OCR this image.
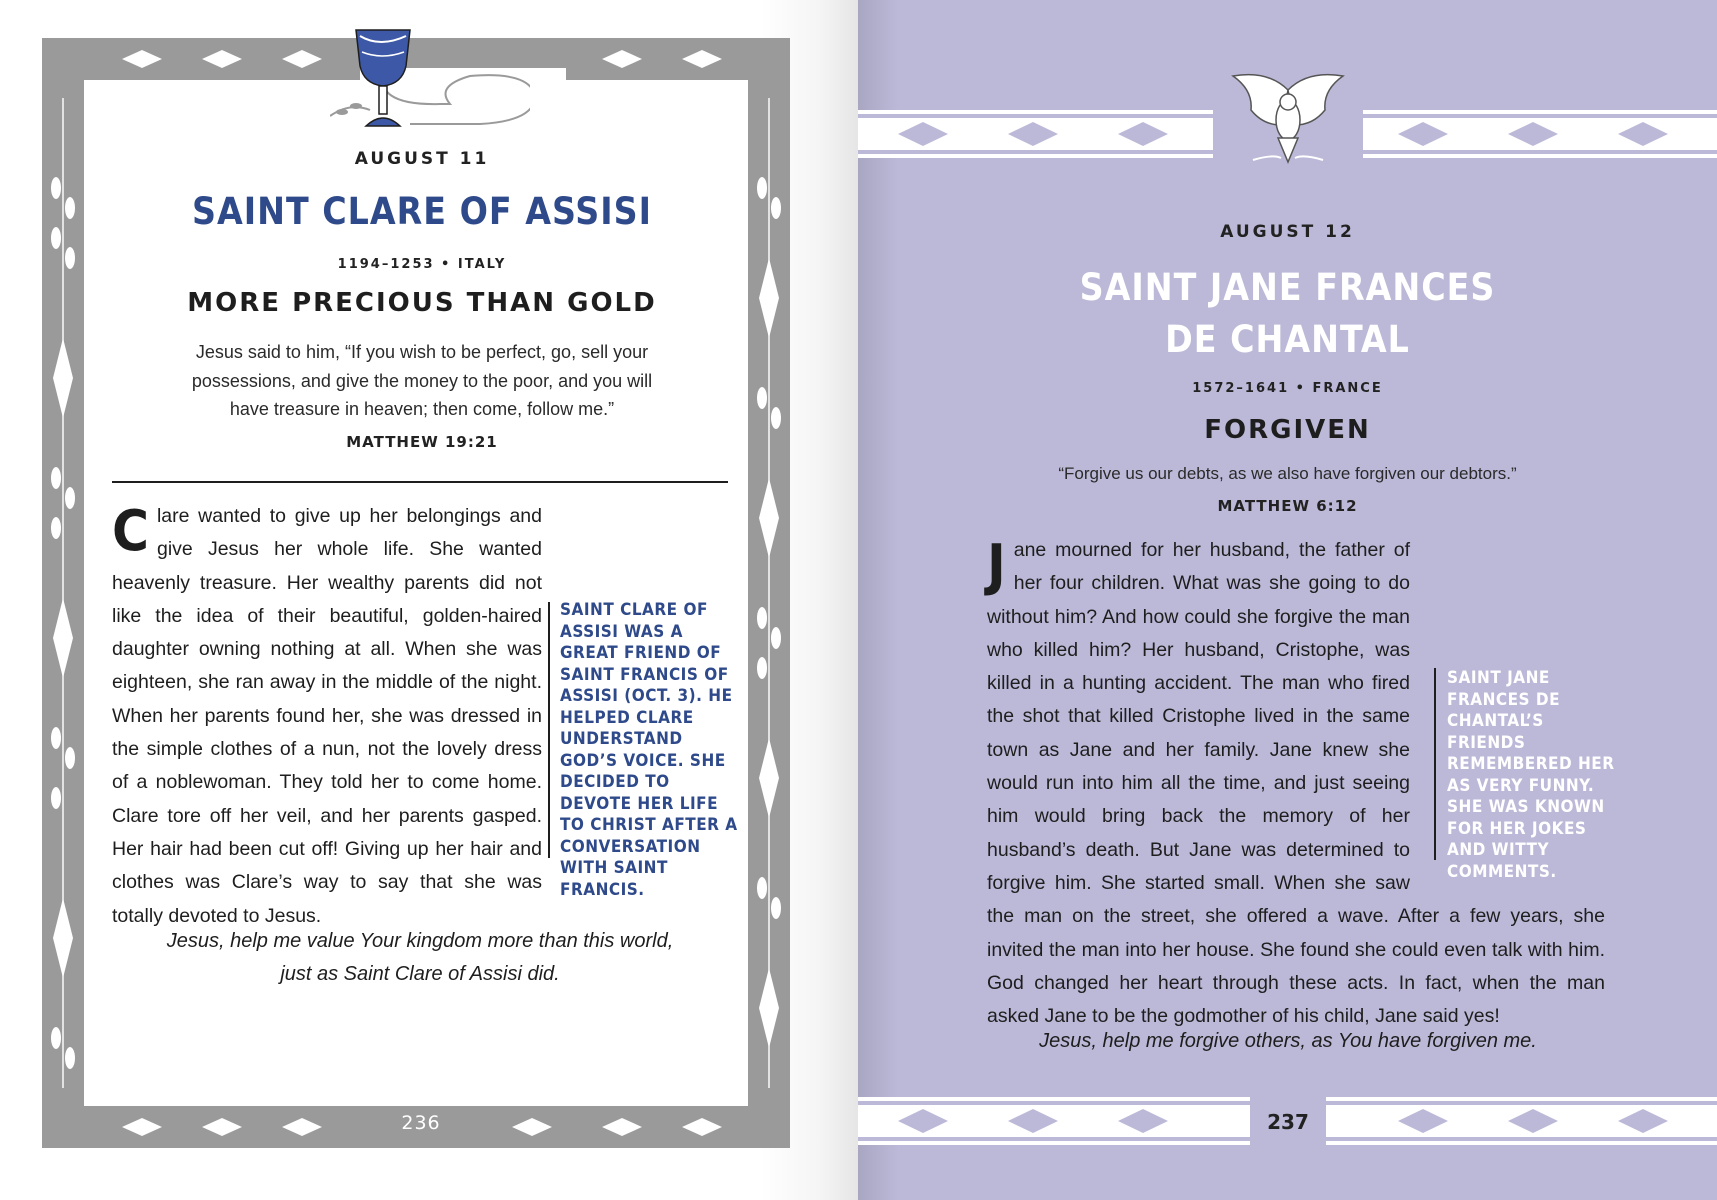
AUGUST 11
SAINT CLARE OF ASSISI
1194–1253 • ITALY
MORE PRECIOUS THAN GOLD
Jesus said to him, “If you wish to be perfect, go, sell your possessions, and give the money to the poor, and you will have treasure in heaven; then come, follow me.”
MATTHEW 19:21
C lare wanted to give up her belongings and give Jesus her whole life. She wanted heavenly treasure. Her wealthy parents did not like the idea of their beautiful, golden-haired daughter owning nothing at all. When she was eighteen, she ran away in the middle of the night. When her parents found her, she was dressed in the simple clothes of a nun, not the lovely dress of a noblewoman. They told her to come home. Clare tore off her veil, and her parents gasped. Her hair had been cut off! Giving up her hair and clothes was Clare’s way to say that she was totally devoted to Jesus.
SAINT CLARE OF ASSISI WAS A GREAT FRIEND OF SAINT FRANCIS OF ASSISI (OCT. 3). HE HELPED CLARE UNDERSTAND GOD’S VOICE. SHE DECIDED TO DEVOTE HER LIFE TO CHRIST AFTER A CONVERSATION WITH SAINT FRANCIS.
Jesus, help me value Your kingdom more than this world, just as Saint Clare of Assisi did.
236
AUGUST 12
SAINT JANE FRANCES
DE CHANTAL
1572–1641 • FRANCE
FORGIVEN
“Forgive us our debts, as we also have forgiven our debtors.”
MATTHEW 6:12
J ane mourned for her husband, the father of her four children. What was she going to do without him? And how could she forgive the man who killed him? Her husband, Cristophe, was killed in a hunting accident. The man who fired the shot that killed Cristophe lived in the same town as Jane and her family. Jane knew she would run into him all the time, and just seeing him would bring back the memory of her husband’s death. But Jane was determined to forgive him. She started small. When she saw the man on the street, she offered a wave. After a few years, she invited the man into her house. She found she could even talk with him. God changed her heart through these acts. In fact, when the man asked Jane to be the godmother of his child, Jane said yes!
SAINT JANE FRANCES DE CHANTAL’S FRIENDS REMEMBERED HER AS VERY FUNNY. SHE WAS KNOWN FOR HER JOKES AND WITTY COMMENTS.
Jesus, help me forgive others, as You have forgiven me.
237
